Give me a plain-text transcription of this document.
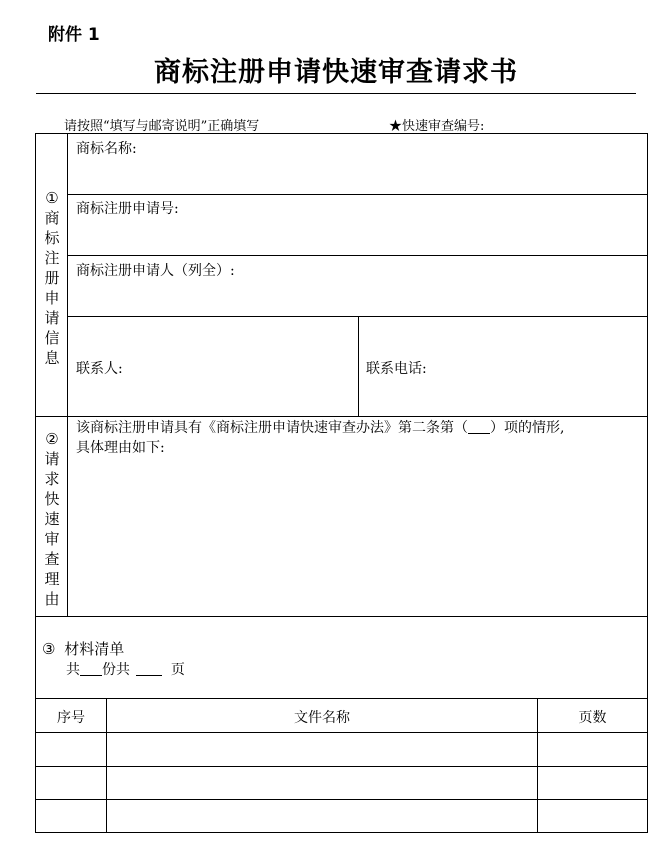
附件 1
商标注册申请快速审查请求书
请按照“填写与邮寄说明”正确填写	★快速审查编号:
①
商
标
注
册
申
请
信
息
商标名称:
商标注册申请号:
商标注册申请人（列全）:
联系人:	联系电话:
②
请
求
快
速
审
查
理
由
该商标注册申请具有《商标注册申请快速审查办法》第二条第（ ）项的情形,
具体理由如下:
③ 材料清单
共 份共	页
序号	文件名称	页数
